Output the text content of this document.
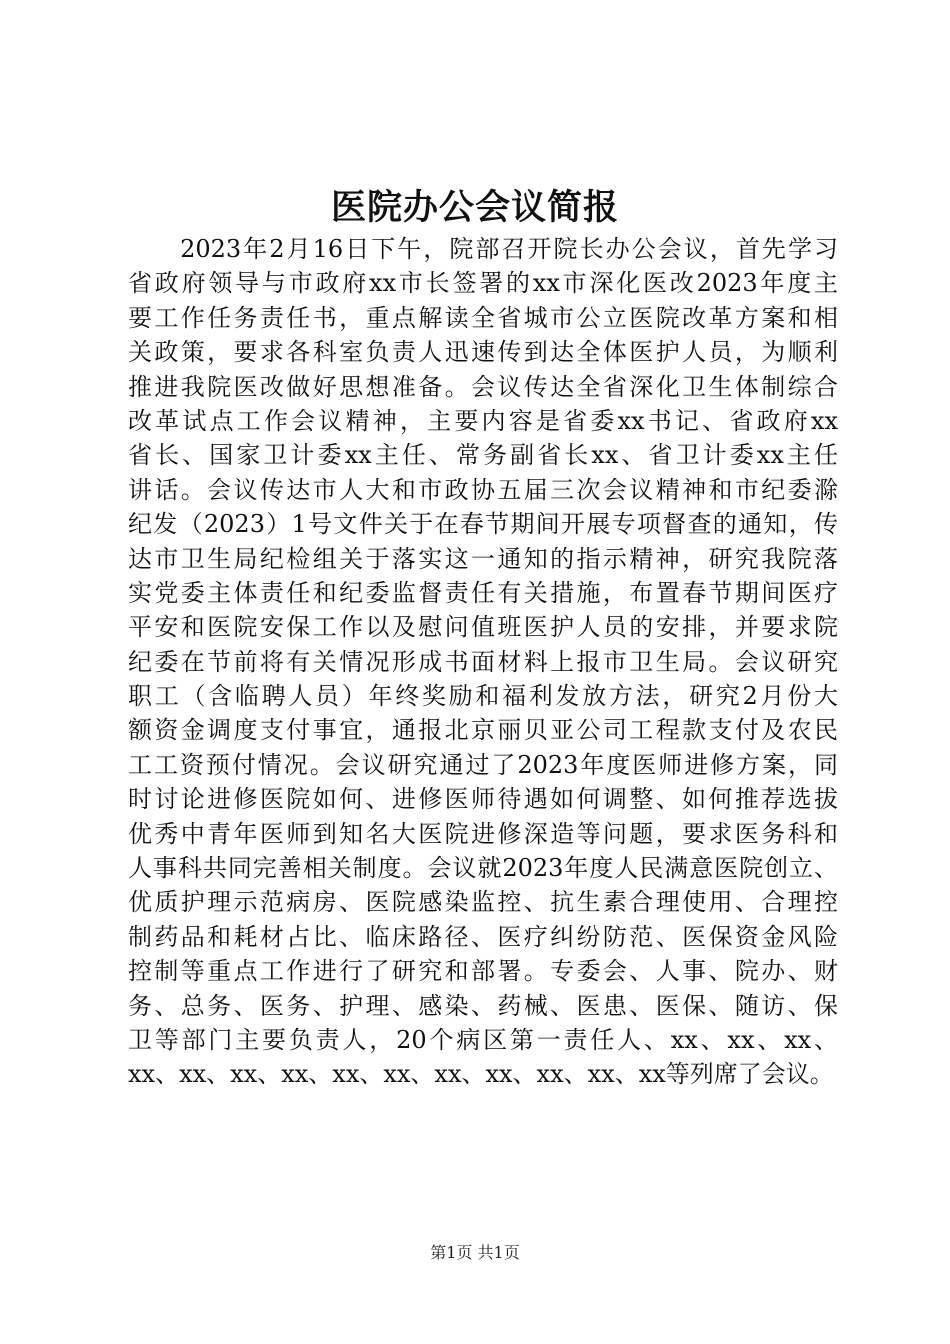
医院办公会议简报
　　2023年2月16日下午，院部召开院长办公会议，首先学习
省政府领导与市政府xx市长签署的xx市深化医改2023年度主
要工作任务责任书，重点解读全省城市公立医院改革方案和相
关政策，要求各科室负责人迅速传到达全体医护人员，为顺利
推进我院医改做好思想准备。会议传达全省深化卫生体制综合
改革试点工作会议精神，主要内容是省委xx书记、省政府xx
省长、国家卫计委xx主任、常务副省长xx、省卫计委xx主任
讲话。会议传达市人大和市政协五届三次会议精神和市纪委滁
纪发（2023）1号文件关于在春节期间开展专项督查的通知，传
达市卫生局纪检组关于落实这一通知的指示精神，研究我院落
实党委主体责任和纪委监督责任有关措施，布置春节期间医疗
平安和医院安保工作以及慰问值班医护人员的安排，并要求院
纪委在节前将有关情况形成书面材料上报市卫生局。会议研究
职工（含临聘人员）年终奖励和福利发放方法，研究2月份大
额资金调度支付事宜，通报北京丽贝亚公司工程款支付及农民
工工资预付情况。会议研究通过了2023年度医师进修方案，同
时讨论进修医院如何、进修医师待遇如何调整、如何推荐选拔
优秀中青年医师到知名大医院进修深造等问题，要求医务科和
人事科共同完善相关制度。会议就2023年度人民满意医院创立、
优质护理示范病房、医院感染监控、抗生素合理使用、合理控
制药品和耗材占比、临床路径、医疗纠纷防范、医保资金风险
控制等重点工作进行了研究和部署。专委会、人事、院办、财
务、总务、医务、护理、感染、药械、医患、医保、随访、保
卫等部门主要负责人，20个病区第一责任人、xx、xx、xx、
xx、xx、xx、xx、xx、xx、xx、xx、xx、xx、xx等列席了会议。
第1页 共1页
